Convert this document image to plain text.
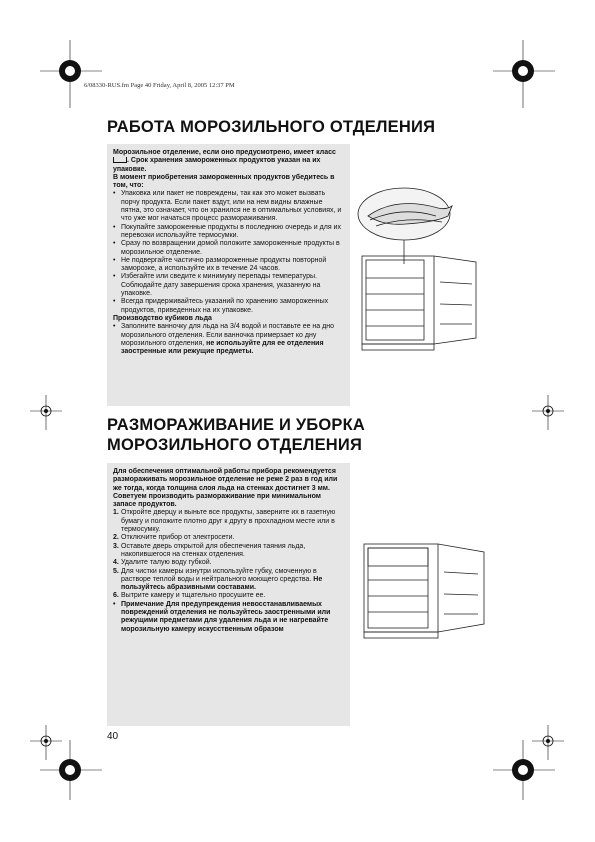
6/08330-RUS.fm Page 40 Friday, April 8, 2005 12:37 PM
РАБОТА МОРОЗИЛЬНОГО ОТДЕЛЕНИЯ
Морозильное отделение, если оно предусмотрено, имеет класс . Срок хранения замороженных продуктов указан на их упаковке.
В момент приобретения замороженных продуктов убедитесь в том, что:
• Упаковка или пакет не повреждены, так как это может вызвать порчу продукта. Если пакет вздут, или на нем видны влажные пятна, это означает, что он хранился не в оптимальных условиях, и что уже мог начаться процесс размораживания.
• Покупайте замороженные продукты в последнюю очередь и для их перевозки используйте термосумки.
• Сразу по возвращении домой положите замороженные продукты в морозильное отделение.
• Не подвергайте частично размороженные продукты повторной заморозке, а используйте их в течение 24 часов.
• Избегайте или сведите к минимуму перепады температуры. Соблюдайте дату завершения срока хранения, указанную на упаковке.
• Всегда придерживайтесь указаний по хранению замороженных продуктов, приведенных на их упаковке.
Производство кубиков льда
• Заполните ванночку для льда на 3/4 водой и поставьте ее на дно морозильного отделения. Если ванночка примерзает ко дну морозильного отделения, не используйте для ее отделения заостренные или режущие предметы.
РАЗМОРАЖИВАНИЕ И УБОРКА
МОРОЗИЛЬНОГО ОТДЕЛЕНИЯ
Для обеспечения оптимальной работы прибора рекомендуется размораживать морозильное отделение не реже 2 раз в год или же тогда, когда толщина слоя льда на стенках достигнет 3 мм. Советуем производить размораживание при минимальном запасе продуктов.
1. Откройте дверцу и выньте все продукты, заверните их в газетную бумагу и положите плотно друг к другу в прохладном месте или в термосумку.
2. Отключите прибор от электросети.
3. Оставьте дверь открытой для обеспечения таяния льда, накопившегося на стенках отделения.
4. Удалите талую воду губкой.
5. Для чистки камеры изнутри используйте губку, смоченную в растворе теплой воды и нейтрального моющего средства. Не пользуйтесь абразивными составами.
6. Вытрите камеру и тщательно просушите ее.
• Примечание Для предупреждения невосстанавливаемых повреждений отделения не пользуйтесь заостренными или режущими предметами для удаления льда и не нагревайте морозильную камеру искусственным образом
40
